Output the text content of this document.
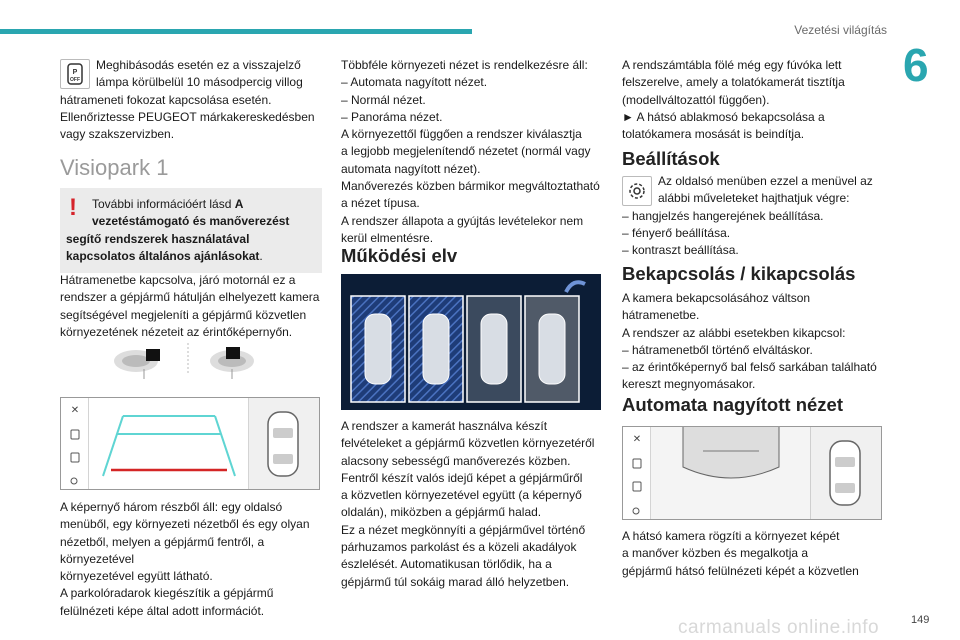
Vezetési világítás
6
P
OFF

Meghibásodás esetén ez a visszajelző

lámpa körülbelül 10 másodpercig villog

hátrameneti fokozat kapcsolása esetén.

Ellenőriztesse PEUGEOT márkakereskedésben

vagy szakszervizben.

Visiopark 1
!	További információért lásd A

vezetéstámogató és manőverezést

segítő rendszerek használatával

kapcsolatos általános ajánlásokat.

Hátramenetbe kapcsolva, járó motornál ez a

rendszer a gépjármű hátulján elhelyezett kamera

segítségével megjeleníti a gépjármű közvetlen

környezetének nézeteit az érintőképernyőn.

✕

A képernyő három részből áll: egy oldalsó

menüből, egy környezeti nézetből és egy olyan

nézetből, melyen a gépjármű fentről, a környezetével

környezetével együtt látható.

A parkolóradarok kiegészítik a gépjármű

felülnézeti képe által adott információt.

Többféle környezeti nézet is rendelkezésre áll:

– Automata nagyított nézet.

– Normál nézet.

– Panoráma nézet.

A környezettől függően a rendszer kiválasztja

a legjobb megjelenítendő nézetet (normál vagy

automata nagyított nézet).

Manőverezés közben bármikor megváltoztatható

a nézet típusa.

A rendszer állapota a gyújtás levételekor nem

kerül elmentésre.

Működési elv

A rendszer a kamerát használva készít

felvételeket a gépjármű közvetlen környezetéről

alacsony sebességű manőverezés közben.

Fentről készít valós idejű képet a gépjárműről

a közvetlen környezetével együtt (a képernyő

oldalán), miközben a gépjármű halad.

Ez a nézet megkönnyíti a gépjárművel történő

párhuzamos parkolást és a közeli akadályok

észlelését. Automatikusan törlődik, ha a

gépjármű túl sokáig marad álló helyzetben.

A rendszámtábla fölé még egy fúvóka lett

felszerelve, amely a tolatókamerát tisztítja

(modellváltozattól függően).

► A hátsó ablakmosó bekapcsolása a

tolatókamera mosását is beindítja.

Beállítások

Az oldalsó menüben ezzel a menüvel az

alábbi műveleteket hajthatjuk végre:

– hangjelzés hangerejének beállítása.

– fényerő beállítása.

– kontraszt beállítása.

Bekapcsolás / kikapcsolás

A kamera bekapcsolásához váltson

hátramenetbe.

A rendszer az alábbi esetekben kikapcsol:

– hátramenetből történő elváltáskor.

– az érintőképernyő bal felső sarkában található

kereszt megnyomásakor.

Automata nagyított nézet
✕

A hátsó kamera rögzíti a környezet képét

a manőver közben és megalkotja a

gépjármű hátsó felülnézeti képét a közvetlen

carmanuals online.info	149
